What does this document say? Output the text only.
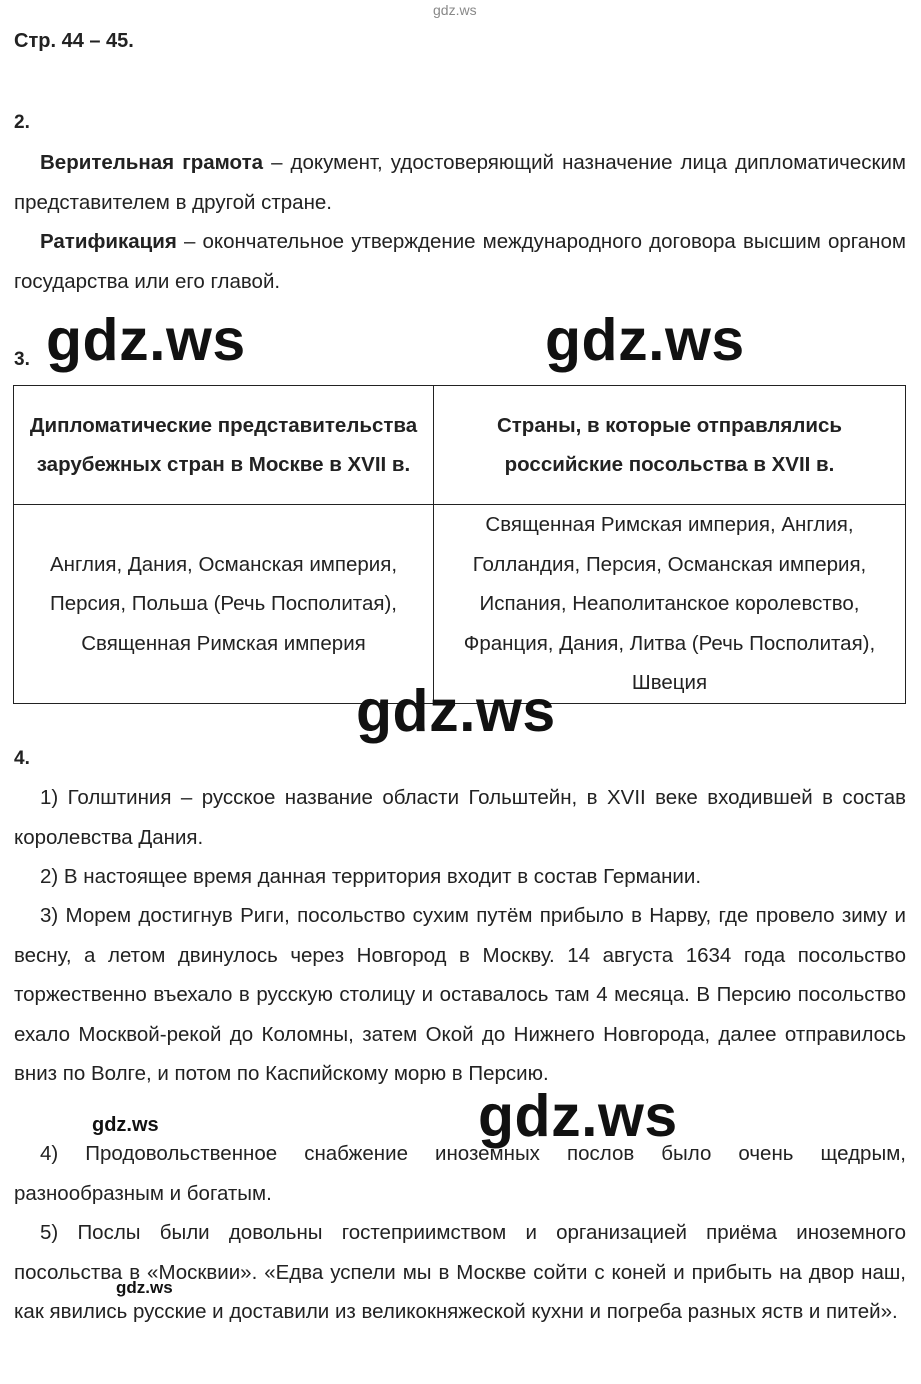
gdz.ws
Стр. 44 – 45.
2.
Верительная грамота – документ, удостоверяющий назначение лица дипломатическим представителем в другой стране.
Ратификация – окончательное утверждение международного договора высшим органом государства или его главой.
3. gdz.ws	gdz.ws
Дипломатические представительства зарубежных стран в Москве в XVII в.	Страны, в которые отправлялись российские посольства в XVII в.
Англия, Дания, Османская империя, Персия, Польша (Речь Посполитая), Священная Римская империя	Священная Римская империя, Англия, Голландия, Персия, Османская империя, Испания, Неаполитанское королевство, Франция, Дания, Литва (Речь Посполитая), Швеция
gdz.ws
4.
1) Голштиния – русское название области Гольштейн, в XVII веке входившей в состав королевства Дания.
2) В настоящее время данная территория входит в состав Германии.
3) Морем достигнув Риги, посольство сухим путём прибыло в Нарву, где провело зиму и весну, а летом двинулось через Новгород в Москву. 14 августа 1634 года посольство торжественно въехало в русскую столицу и оставалось там 4 месяца. В Персию посольство ехало Москвой-рекой до Коломны, затем Окой до Нижнего Новгорода, далее отправилось вниз по Волге, и потом по Каспийскому морю в Персию.
4) Продовольственное снабжение иноземных послов было очень щедрым, разнообразным и богатым.
5) Послы были довольны гостеприимством и организацией приёма иноземного посольства в «Москвии». «Едва успели мы в Москве сойти с коней и прибыть на двор наш, как явились русские и доставили из великокняжеской кухни и погреба разных яств и питей».
gdz.ws
gdz.ws
gdz.ws
